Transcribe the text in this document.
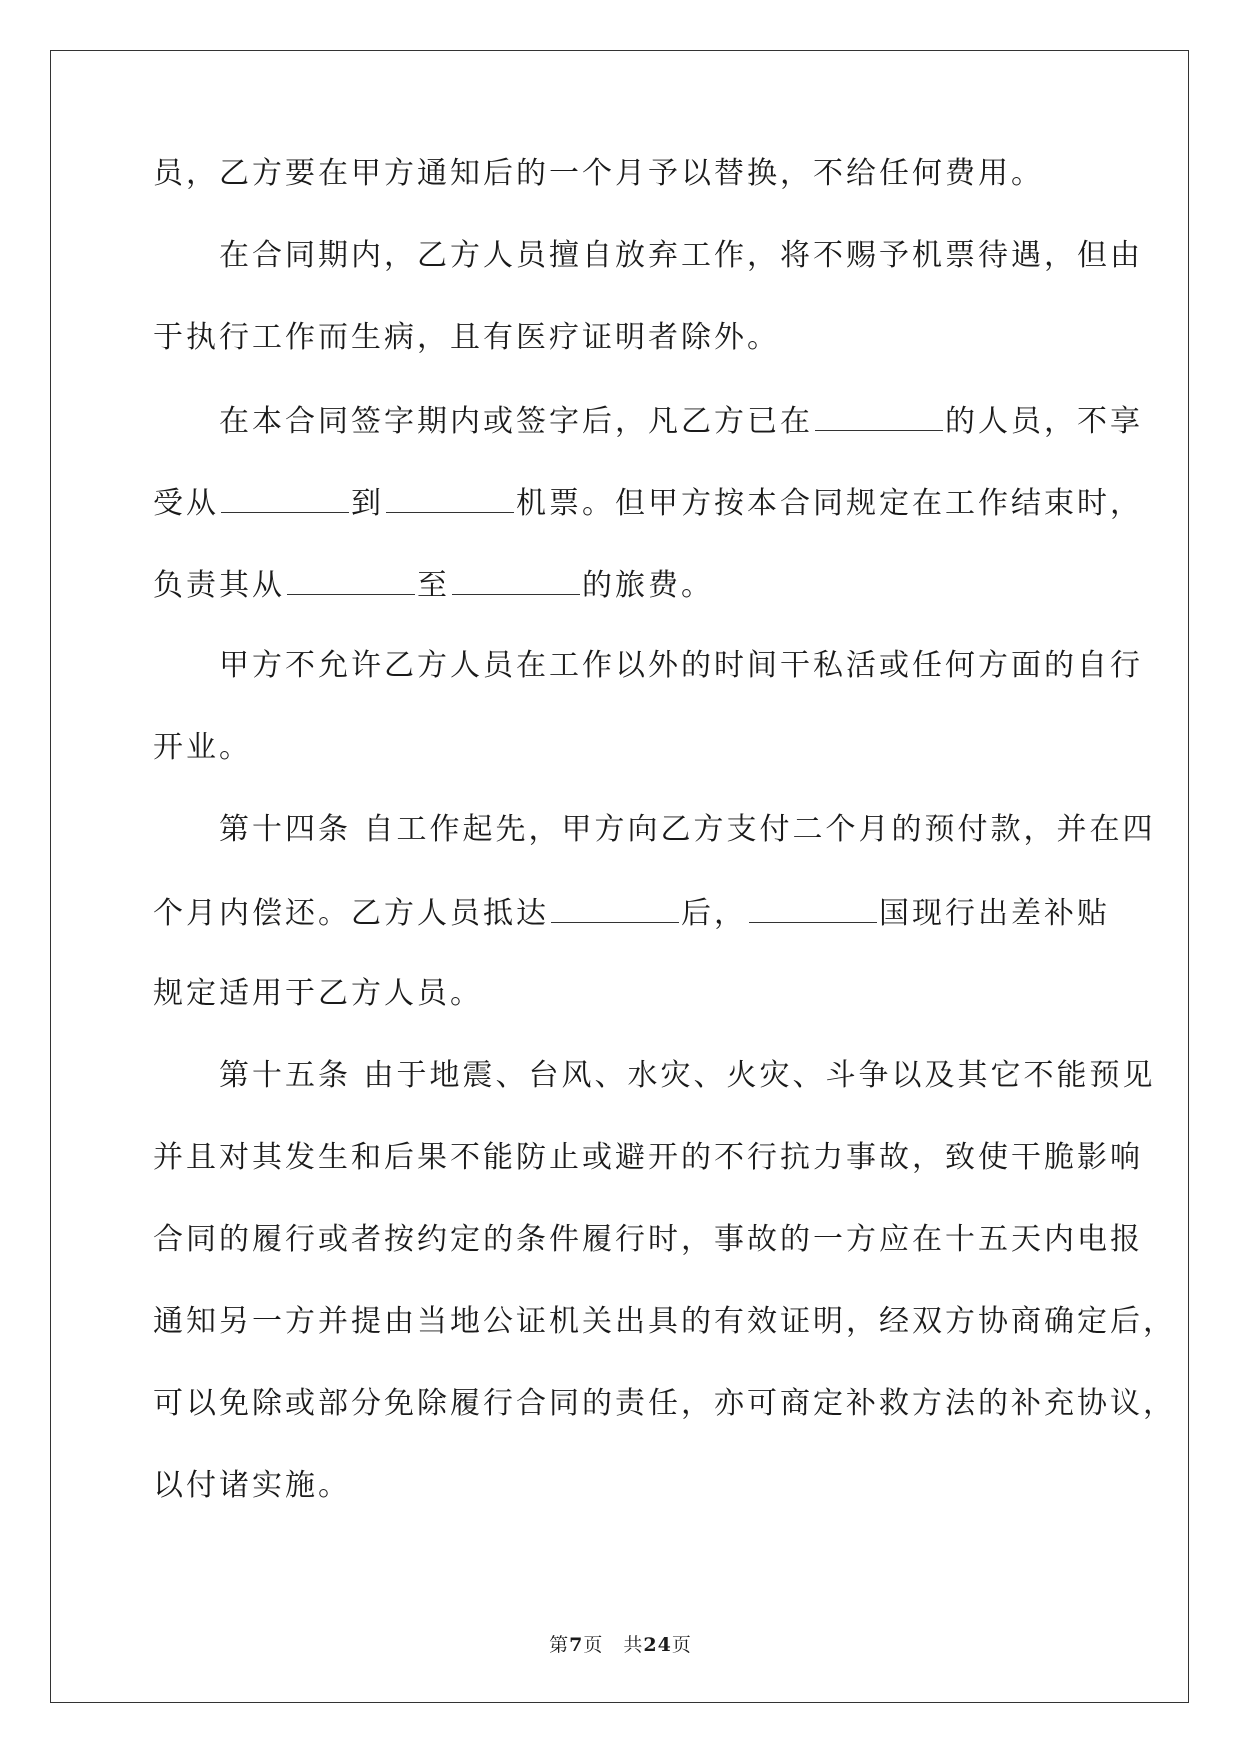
员，乙方要在甲方通知后的一个月予以替换，不给任何费用。
　　在合同期内，乙方人员擅自放弃工作，将不赐予机票待遇，但由
于执行工作而生病，且有医疗证明者除外。
　　在本合同签字期内或签字后，凡乙方已在	的人员，不享
受从	到	机票。但甲方按本合同规定在工作结束时，
负责其从	至	的旅费。
　　甲方不允许乙方人员在工作以外的时间干私活或任何方面的自行
开业。
　　第十四条 自工作起先，甲方向乙方支付二个月的预付款，并在四
个月内偿还。乙方人员抵达	后，	国现行出差补贴
规定适用于乙方人员。
　　第十五条 由于地震、台风、水灾、火灾、斗争以及其它不能预见
并且对其发生和后果不能防止或避开的不行抗力事故，致使干脆影响
合同的履行或者按约定的条件履行时，事故的一方应在十五天内电报
通知另一方并提由当地公证机关出具的有效证明，经双方协商确定后，
可以免除或部分免除履行合同的责任，亦可商定补救方法的补充协议，
以付诸实施。
第7页　共24页
